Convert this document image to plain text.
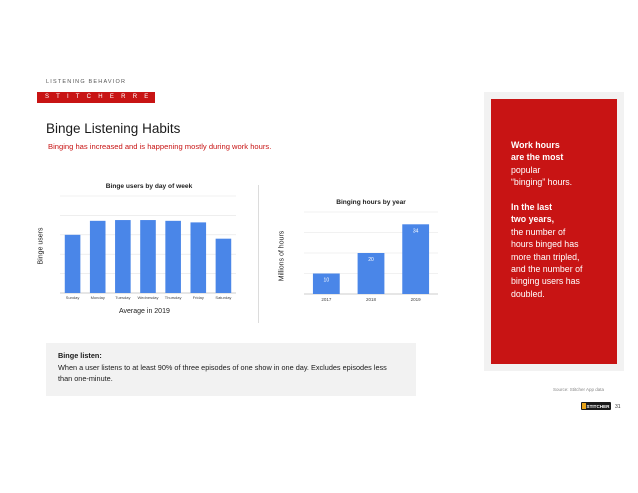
LISTENING BEHAVIOR
S T I T C H E R R E P O R T 2 0 2 0
Binge Listening Habits
Binging has increased and is happening mostly during work hours.
Binge users by day of week
Binge users
Sunday	Monday	Tuesday Wednesday Thursday	Friday	Saturday
Average in 2019
Binging hours by year
Millions of hours
2017
10
2018
20
2019
34
Binge listen:
When a user listens to at least 90% of three episodes of one show in one day. Excludes episodes less than one-minute.
Work hours
are the most
popular
“binging” hours.
In the last
two years,
the number of
hours binged has
more than tripled,
and the number of
binging users has
doubled.
Source: Stitcher App data
STITCHER 31
